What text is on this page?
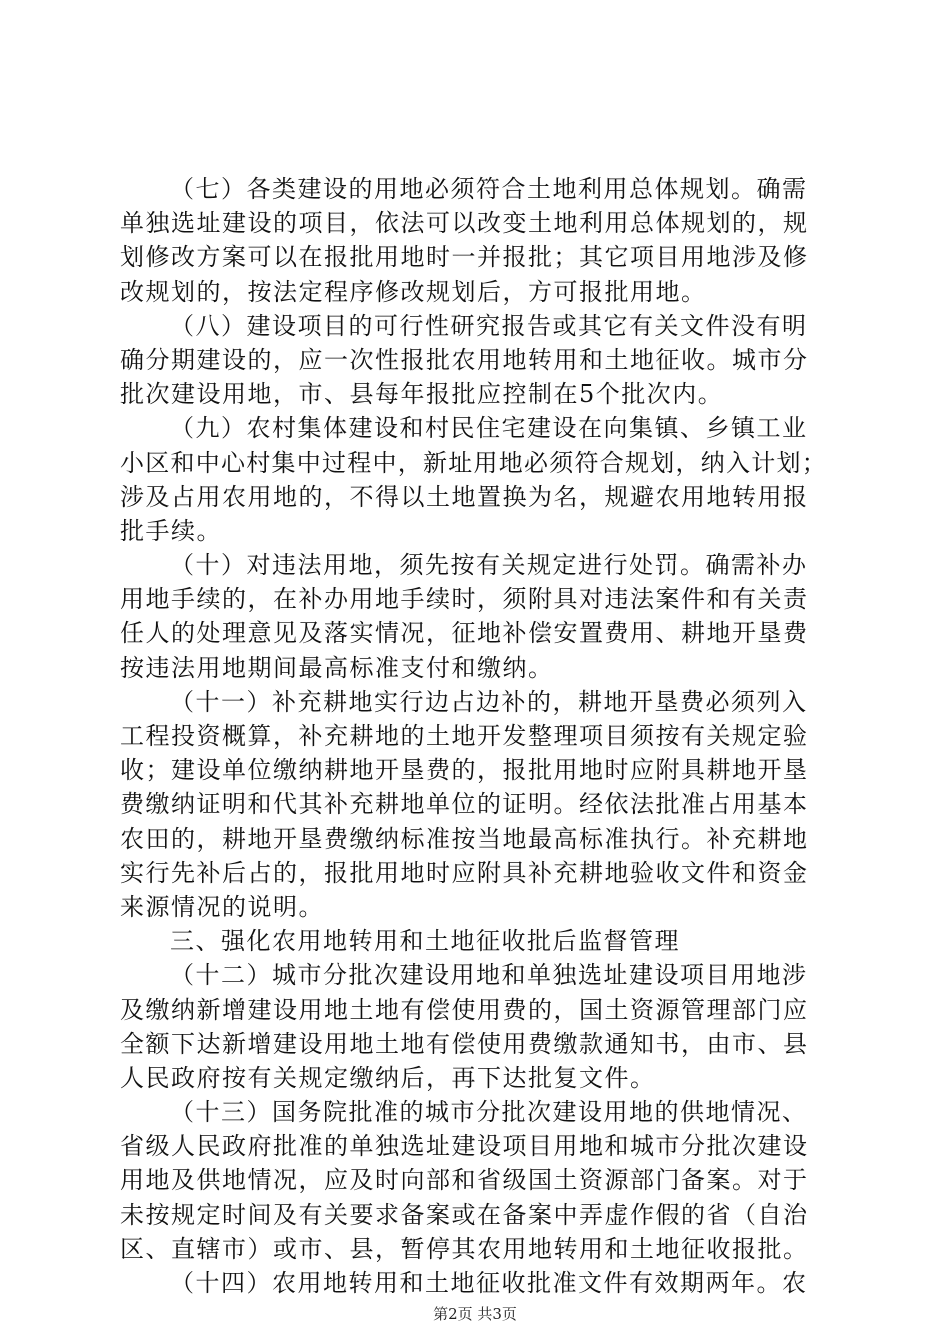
（七）各类建设的用地必须符合土地利用总体规划。确需
单独选址建设的项目，依法可以改变土地利用总体规划的，规
划修改方案可以在报批用地时一并报批；其它项目用地涉及修
改规划的，按法定程序修改规划后，方可报批用地。
（八）建设项目的可行性研究报告或其它有关文件没有明
确分期建设的，应一次性报批农用地转用和土地征收。城市分
批次建设用地，市、县每年报批应控制在5个批次内。
（九）农村集体建设和村民住宅建设在向集镇、乡镇工业
小区和中心村集中过程中，新址用地必须符合规划，纳入计划；
涉及占用农用地的，不得以土地置换为名，规避农用地转用报
批手续。
（十）对违法用地，须先按有关规定进行处罚。确需补办
用地手续的，在补办用地手续时，须附具对违法案件和有关责
任人的处理意见及落实情况，征地补偿安置费用、耕地开垦费
按违法用地期间最高标准支付和缴纳。
（十一）补充耕地实行边占边补的，耕地开垦费必须列入
工程投资概算，补充耕地的土地开发整理项目须按有关规定验
收；建设单位缴纳耕地开垦费的，报批用地时应附具耕地开垦
费缴纳证明和代其补充耕地单位的证明。经依法批准占用基本
农田的，耕地开垦费缴纳标准按当地最高标准执行。补充耕地
实行先补后占的，报批用地时应附具补充耕地验收文件和资金
来源情况的说明。
三、强化农用地转用和土地征收批后监督管理
（十二）城市分批次建设用地和单独选址建设项目用地涉
及缴纳新增建设用地土地有偿使用费的，国土资源管理部门应
全额下达新增建设用地土地有偿使用费缴款通知书，由市、县
人民政府按有关规定缴纳后，再下达批复文件。
（十三）国务院批准的城市分批次建设用地的供地情况、
省级人民政府批准的单独选址建设项目用地和城市分批次建设
用地及供地情况，应及时向部和省级国土资源部门备案。对于
未按规定时间及有关要求备案或在备案中弄虚作假的省（自治
区、直辖市）或市、县，暂停其农用地转用和土地征收报批。
（十四）农用地转用和土地征收批准文件有效期两年。农
第2页 共3页
